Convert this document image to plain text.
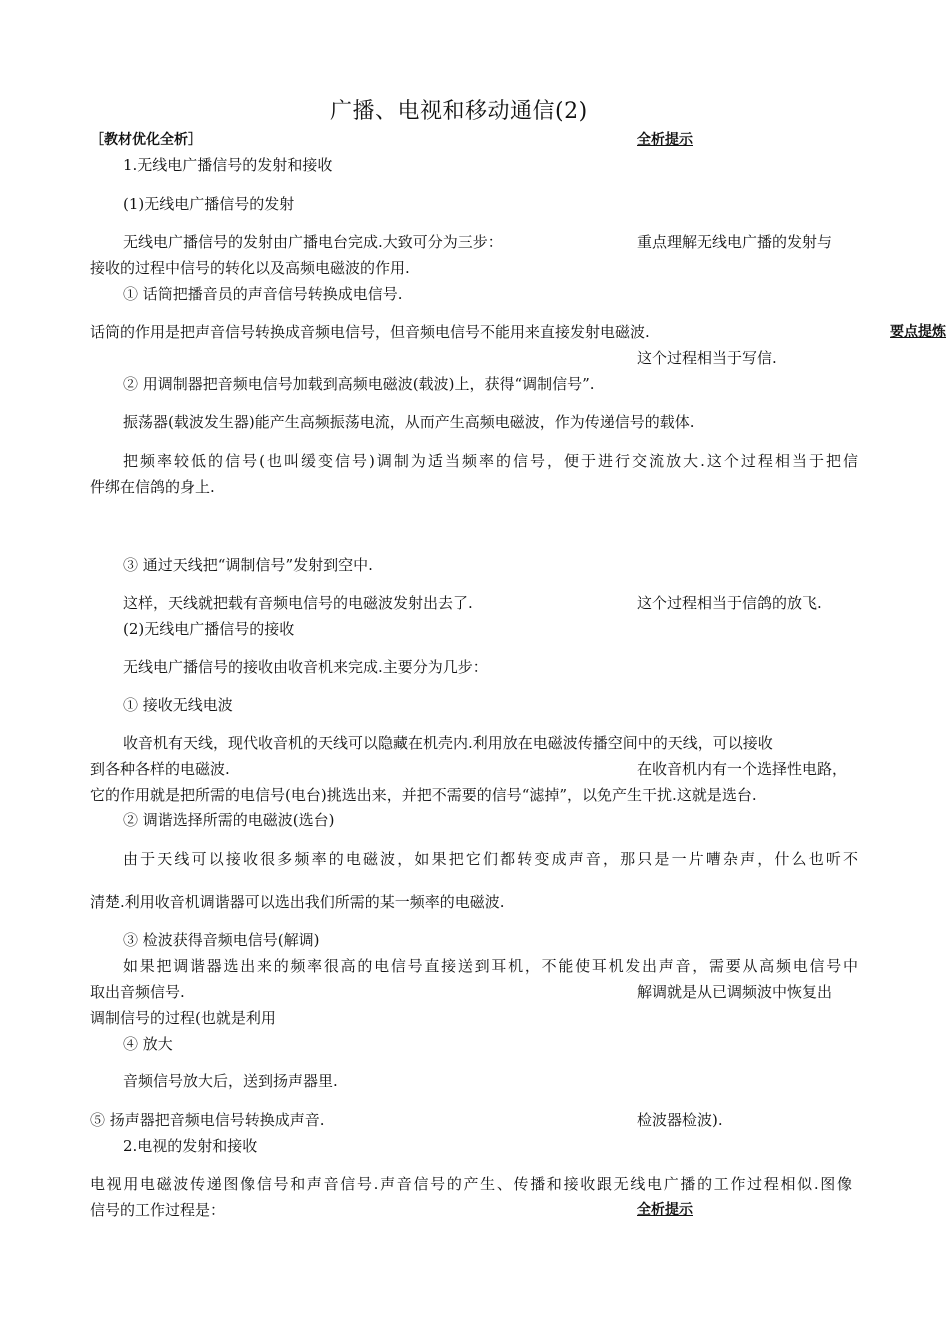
广播、电视和移动通信(2)
［教材优化全析］
1.无线电广播信号的发射和接收
(1)无线电广播信号的发射
无线电广播信号的发射由广播电台完成.大致可分为三步：
接收的过程中信号的转化以及高频电磁波的作用.
① 话筒把播音员的声音信号转换成电信号.
话筒的作用是把声音信号转换成音频电信号，但音频电信号不能用来直接发射电磁波.
② 用调制器把音频电信号加载到高频电磁波(载波)上，获得“调制信号”.
振荡器(载波发生器)能产生高频振荡电流，从而产生高频电磁波，作为传递信号的载体.
把频率较低的信号(也叫缓变信号)调制为适当频率的信号，便于进行交流放大.这个过程相当于把信
件绑在信鸽的身上.
③ 通过天线把“调制信号”发射到空中.
这样，天线就把载有音频电信号的电磁波发射出去了.
(2)无线电广播信号的接收
无线电广播信号的接收由收音机来完成.主要分为几步：
① 接收无线电波
收音机有天线，现代收音机的天线可以隐藏在机壳内.利用放在电磁波传播空间中的天线，可以接收
到各种各样的电磁波.
它的作用就是把所需的电信号(电台)挑选出来，并把不需要的信号“滤掉”，以免产生干扰.这就是选台.
② 调谐选择所需的电磁波(选台)
由于天线可以接收很多频率的电磁波，如果把它们都转变成声音，那只是一片嘈杂声，什么也听不
清楚.利用收音机调谐器可以选出我们所需的某一频率的电磁波.
③ 检波获得音频电信号(解调)
如果把调谐器选出来的频率很高的电信号直接送到耳机，不能使耳机发出声音，需要从高频电信号中
取出音频信号.
调制信号的过程(也就是利用
④ 放大
音频信号放大后，送到扬声器里.
⑤ 扬声器把音频电信号转换成声音.
2.电视的发射和接收
电视用电磁波传递图像信号和声音信号.声音信号的产生、传播和接收跟无线电广播的工作过程相似.图像
信号的工作过程是：
全析提示
重点理解无线电广播的发射与
要点提炼
这个过程相当于写信.
这个过程相当于信鸽的放飞.
在收音机内有一个选择性电路，
解调就是从已调频波中恢复出
检波器检波).
全析提示
